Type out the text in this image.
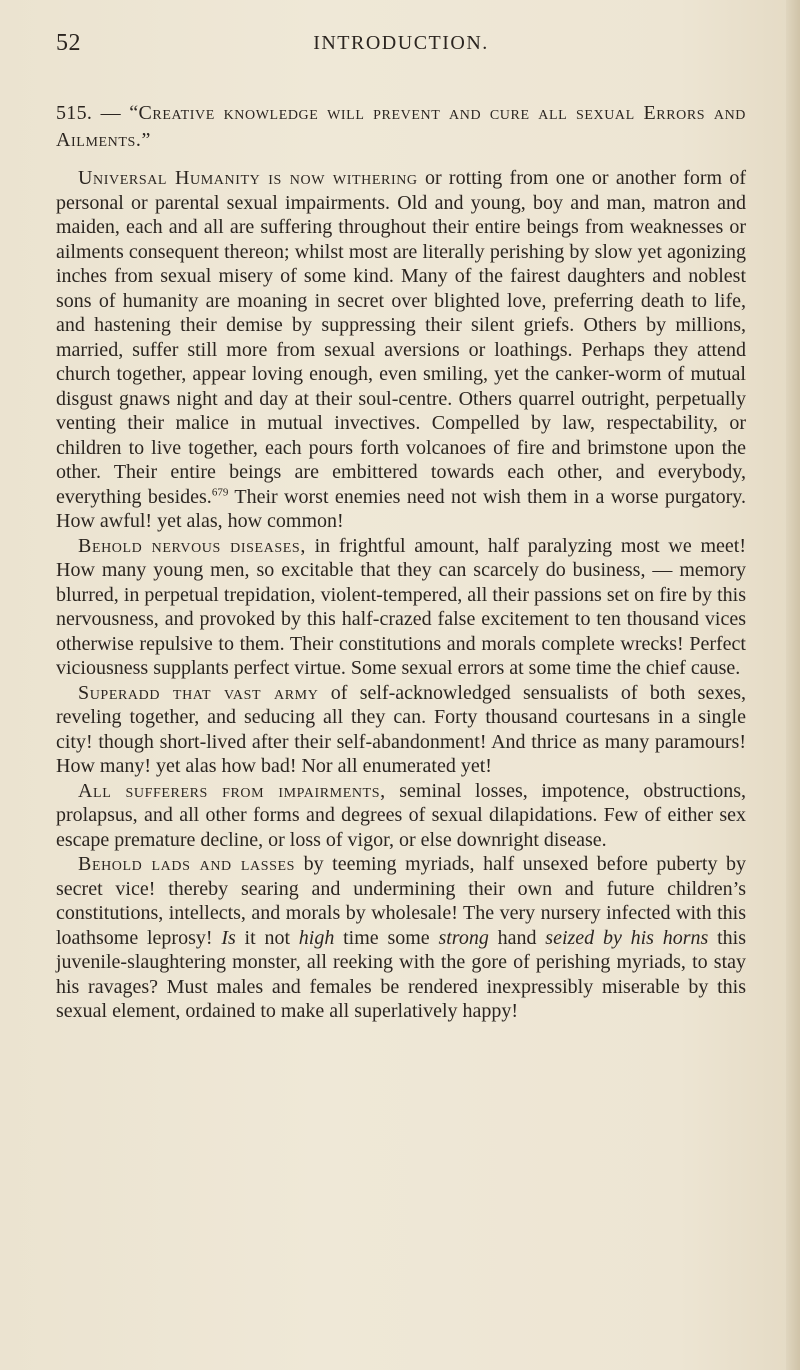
52	INTRODUCTION.

515. — “Creative knowledge will prevent and cure all sexual Errors and Ailments.”

Universal Humanity is now withering or rotting from one or another form of personal or parental sexual impairments. Old and young, boy and man, matron and maiden, each and all are suffering throughout their entire beings from weaknesses or ailments consequent thereon; whilst most are literally perishing by slow yet agonizing inches from sexual misery of some kind. Many of the fairest daughters and noblest sons of humanity are moaning in secret over blighted love, preferring death to life, and hastening their demise by suppressing their silent griefs. Others by millions, married, suffer still more from sexual aversions or loathings. Perhaps they attend church together, appear loving enough, even smiling, yet the canker-worm of mutual disgust gnaws night and day at their soul-centre. Others quarrel outright, perpetually venting their malice in mutual invectives. Compelled by law, respectability, or children to live together, each pours forth volcanoes of fire and brimstone upon the other. Their entire beings are embittered towards each other, and everybody, everything besides.$^{679}$ Their worst enemies need not wish them in a worse purgatory. How awful! yet alas, how common!

Behold nervous diseases, in frightful amount, half paralyzing most we meet! How many young men, so excitable that they can scarcely do business, — memory blurred, in perpetual trepidation, violent-tempered, all their passions set on fire by this nervousness, and provoked by this half-crazed false excitement to ten thousand vices otherwise repulsive to them. Their constitutions and morals complete wrecks! Perfect viciousness supplants perfect virtue. Some sexual errors at some time the chief cause.

Superadd that vast army of self-acknowledged sensualists of both sexes, reveling together, and seducing all they can. Forty thousand courtesans in a single city! though short-lived after their self-abandonment! And thrice as many paramours! How many! yet alas how bad! Nor all enumerated yet!

All sufferers from impairments, seminal losses, impotence, obstructions, prolapsus, and all other forms and degrees of sexual dilapidations. Few of either sex escape premature decline, or loss of vigor, or else downright disease.

Behold lads and lasses by teeming myriads, half unsexed before puberty by secret vice! thereby searing and undermining their own and future children’s constitutions, intellects, and morals by wholesale! The very nursery infected with this loathsome leprosy! Is it not high time some strong hand seized by his horns this juvenile-slaughtering monster, all reeking with the gore of perishing myriads, to stay his ravages? Must males and females be rendered inexpressibly miserable by this sexual element, ordained to make all superlatively happy!
